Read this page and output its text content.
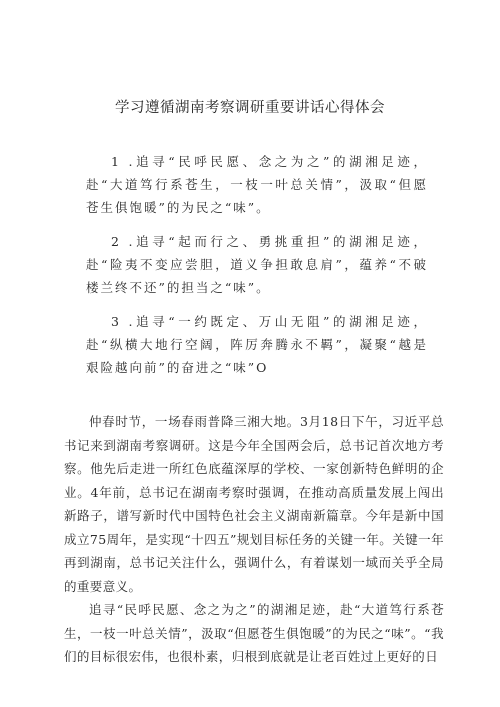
学习遵循湖南考察调研重要讲话心得体会

1 .追寻“民呼民愿、念之为之”的湖湘足迹，赴“大道笃行系苍生，一枝一叶总关情”，汲取“但愿苍生俱饱暖”的为民之“味”。

2 .追寻“起而行之、勇挑重担”的湖湘足迹，赴“险夷不变应尝胆，道义争担敢息肩”，蕴养“不破楼兰终不还”的担当之“味”。

3 .追寻“一约既定、万山无阻”的湖湘足迹，赴“纵横大地行空阔，阵厉奔腾永不羁”，凝聚“越是艰险越向前”的奋进之“味”O

仲春时节，一场春雨普降三湘大地。3月18日下午，习近平总书记来到湖南考察调研。这是今年全国两会后，总书记首次地方考察。他先后走进一所红色底蕴深厚的学校、一家创新特色鲜明的企业。4年前，总书记在湖南考察时强调，在推动高质量发展上闯出新路子，谱写新时代中国特色社会主义湖南新篇章。今年是新中国成立75周年，是实现“十四五”规划目标任务的关键一年。关键一年再到湖南，总书记关注什么，强调什么，有着谋划一域而关乎全局的重要意义。

追寻“民呼民愿、念之为之”的湖湘足迹，赴“大道笃行系苍生，一枝一叶总关情”，汲取“但愿苍生俱饱暖”的为民之“味”。“我们的目标很宏伟，也很朴素，归根到底就是让老百姓过上更好的日
